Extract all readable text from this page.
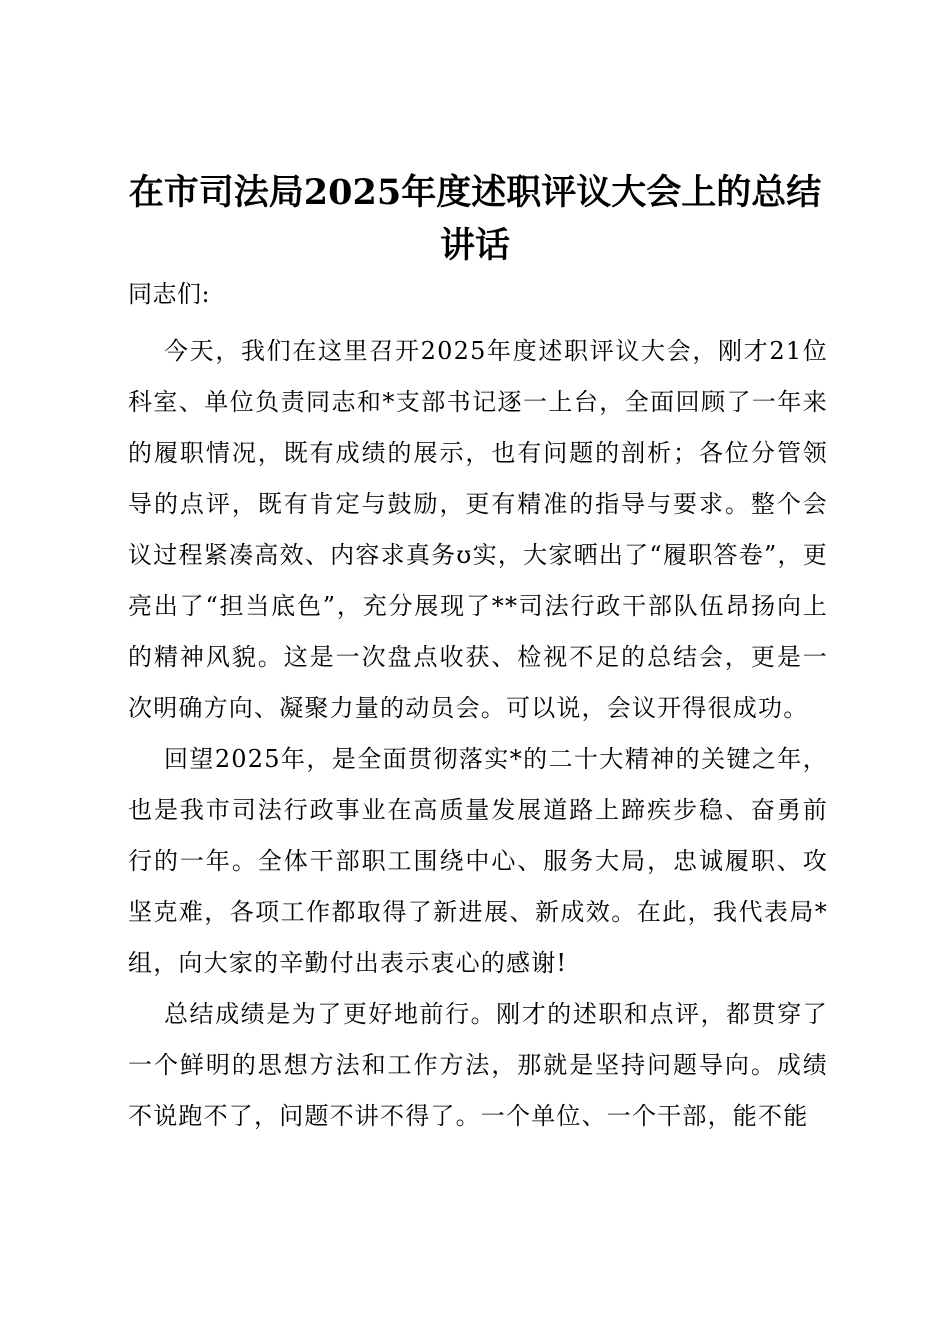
在市司法局2025年度述职评议大会上的总结
讲话

同志们:

今天，我们在这里召开2025年度述职评议大会，刚才21位科室、单位负责同志和*支部书记逐一上台，全面回顾了一年来的履职情况，既有成绩的展示，也有问题的剖析；各位分管领导的点评，既有肯定与鼓励，更有精准的指导与要求。整个会议过程紧凑高效、内容求真务ʊ实，大家晒出了“履职答卷”，更亮出了“担当底色”，充分展现了**司法行政干部队伍昂扬向上的精神风貌。这是一次盘点收获、检视不足的总结会，更是一次明确方向、凝聚力量的动员会。可以说，会议开得很成功。

回望2025年，是全面贯彻落实*的二十大精神的关键之年，也是我市司法行政事业在高质量发展道路上蹄疾步稳、奋勇前行的一年。全体干部职工围绕中心、服务大局，忠诚履职、攻坚克难，各项工作都取得了新进展、新成效。在此，我代表局*组，向大家的辛勤付出表示衷心的感谢!

总结成绩是为了更好地前行。刚才的述职和点评，都贯穿了一个鲜明的思想方法和工作方法，那就是坚持问题导向。成绩不说跑不了，问题不讲不得了。一个单位、一个干部，能不能
